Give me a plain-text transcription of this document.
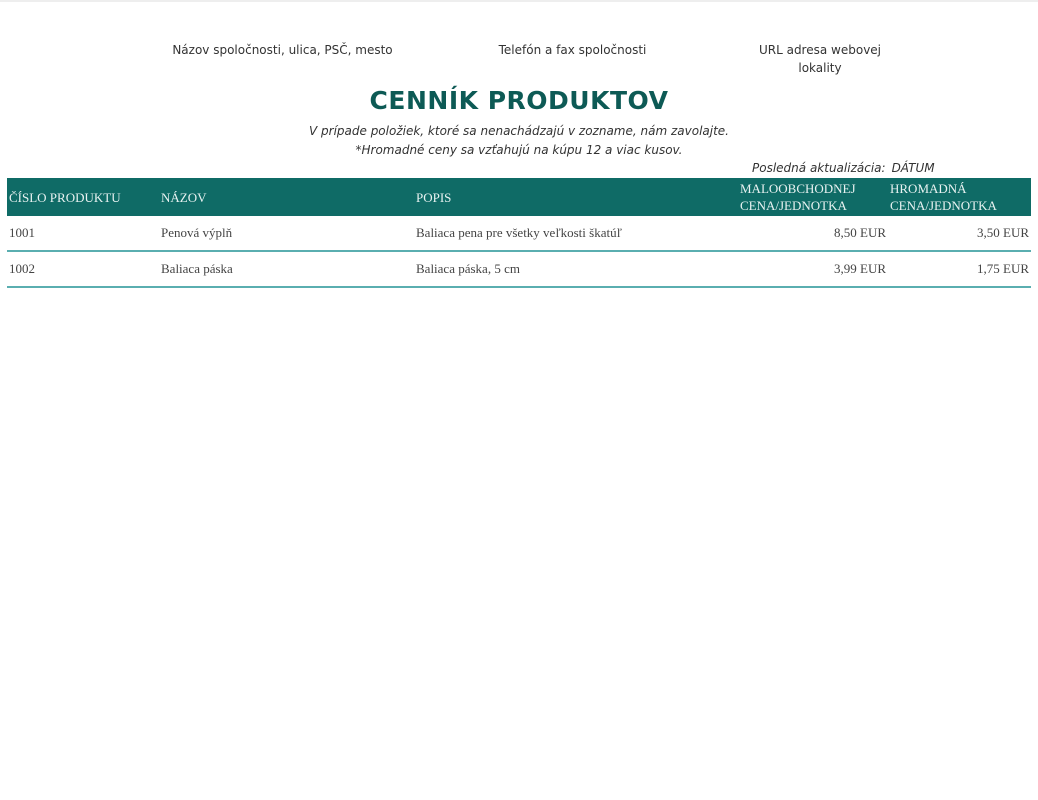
Názov spoločnosti, ulica, PSČ, mesto	Telefón a fax spoločnosti	URL adresa webovej lokality
CENNÍK PRODUKTOV
V prípade položiek, ktoré sa nenachádzajú v zozname, nám zavolajte.
*Hromadné ceny sa vzťahujú na kúpu 12 a viac kusov.
Posledná aktualizácia: DÁTUM
ČÍSLO PRODUKTU	NÁZOV	POPIS	MALOOBCHODNEJ CENA/JEDNOTKA	HROMADNÁ CENA/JEDNOTKA
1001	Penová výplň	Baliaca pena pre všetky veľkosti škatúľ	8,50 EUR	3,50 EUR
1002	Baliaca páska	Baliaca páska, 5 cm	3,99 EUR	1,75 EUR
